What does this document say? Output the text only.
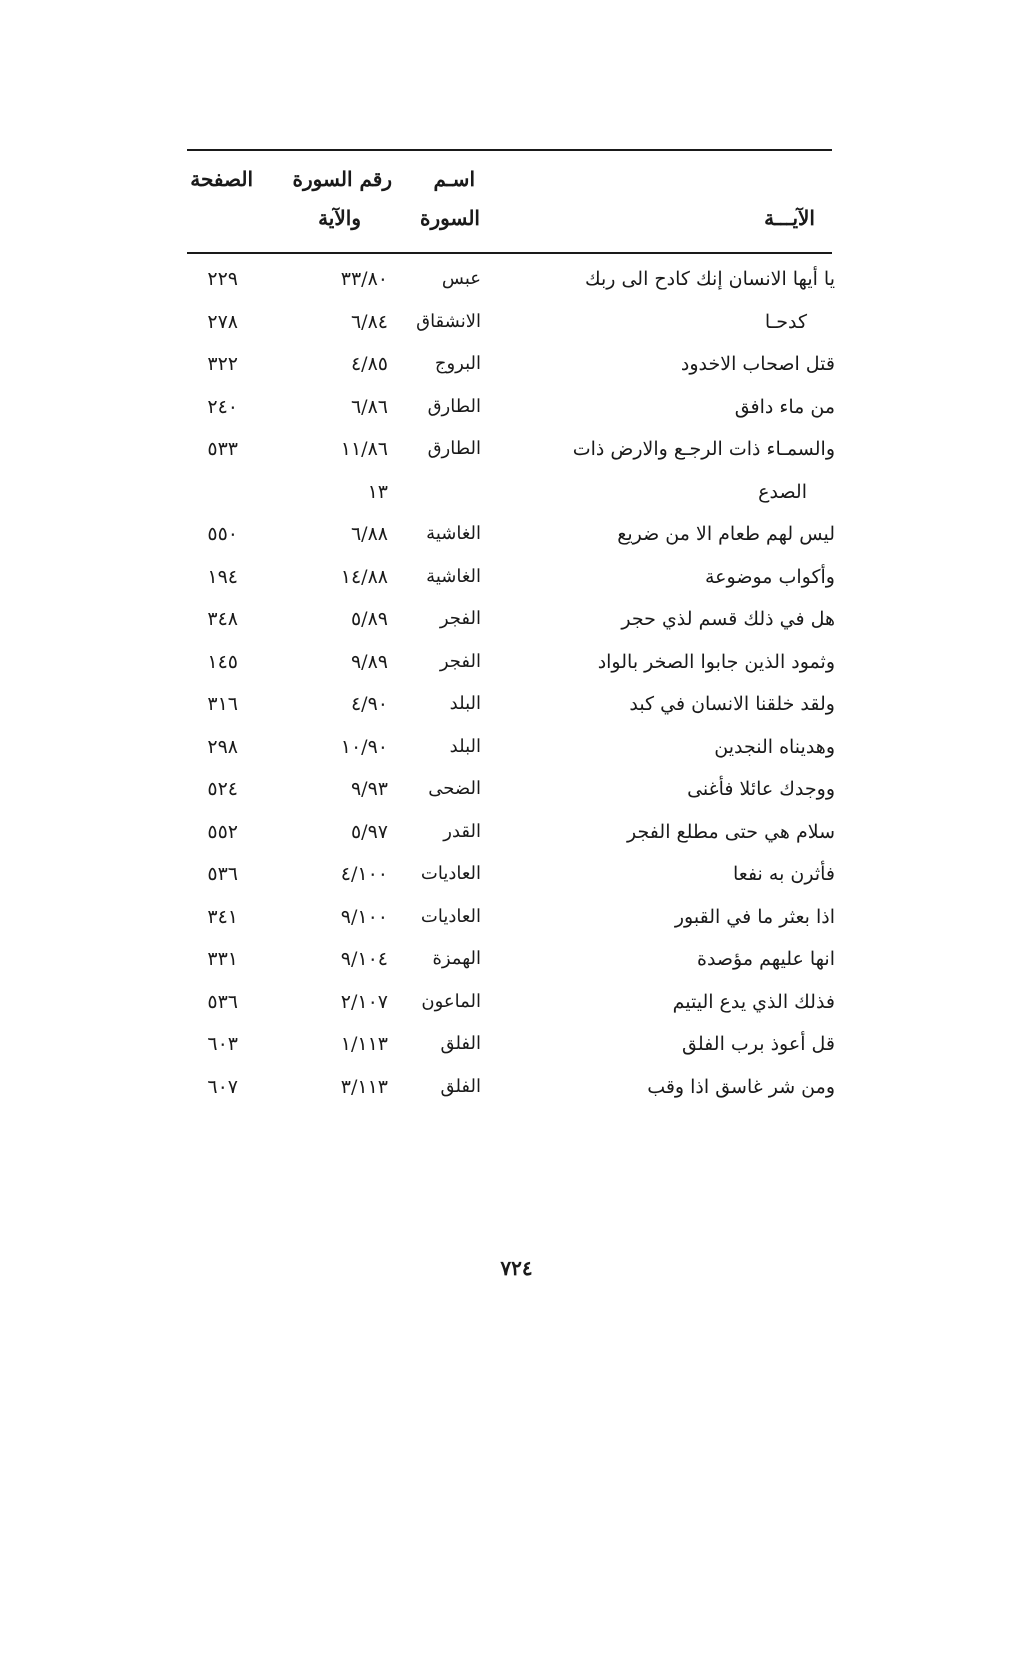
اسـم
رقم السورة
الصفحة
الآيـــة
السورة
والآية
يا أيها الانسان إنك كادح الى ربك
عبس
٣٣/٨٠
٢٢٩
كدحـا
الانشقاق
٦/٨٤
٢٧٨
قتل اصحاب الاخدود
البروج
٤/٨٥
٣٢٢
من ماء دافق
الطارق
٦/٨٦
٢٤٠
والسمـاء ذات الرجـع والارض ذات
الطارق
١١/٨٦
٥٣٣
الصدع
١٣
ليس لهم طعام الا من ضريع
الغاشية
٦/٨٨
٥٥٠
وأكواب موضوعة
الغاشية
١٤/٨٨
١٩٤
هل في ذلك قسم لذي حجر
الفجر
٥/٨٩
٣٤٨
وثمود الذين جابوا الصخر بالواد
الفجر
٩/٨٩
١٤٥
ولقد خلقنا الانسان في كبد
البلد
٤/٩٠
٣١٦
وهديناه النجدين
البلد
١٠/٩٠
٢٩٨
ووجدك عائلا فأغنى
الضحى
٩/٩٣
٥٢٤
سلام هي حتى مطلع الفجر
القدر
٥/٩٧
٥٥٢
فأثرن به نفعا
العاديات
٤/١٠٠
٥٣٦
اذا بعثر ما في القبور
العاديات
٩/١٠٠
٣٤١
انها عليهم مؤصدة
الهمزة
٩/١٠٤
٣٣١
فذلك الذي يدع اليتيم
الماعون
٢/١٠٧
٥٣٦
قل أعوذ برب الفلق
الفلق
١/١١٣
٦٠٣
ومن شر غاسق اذا وقب
الفلق
٣/١١٣
٦٠٧
٧٢٤
